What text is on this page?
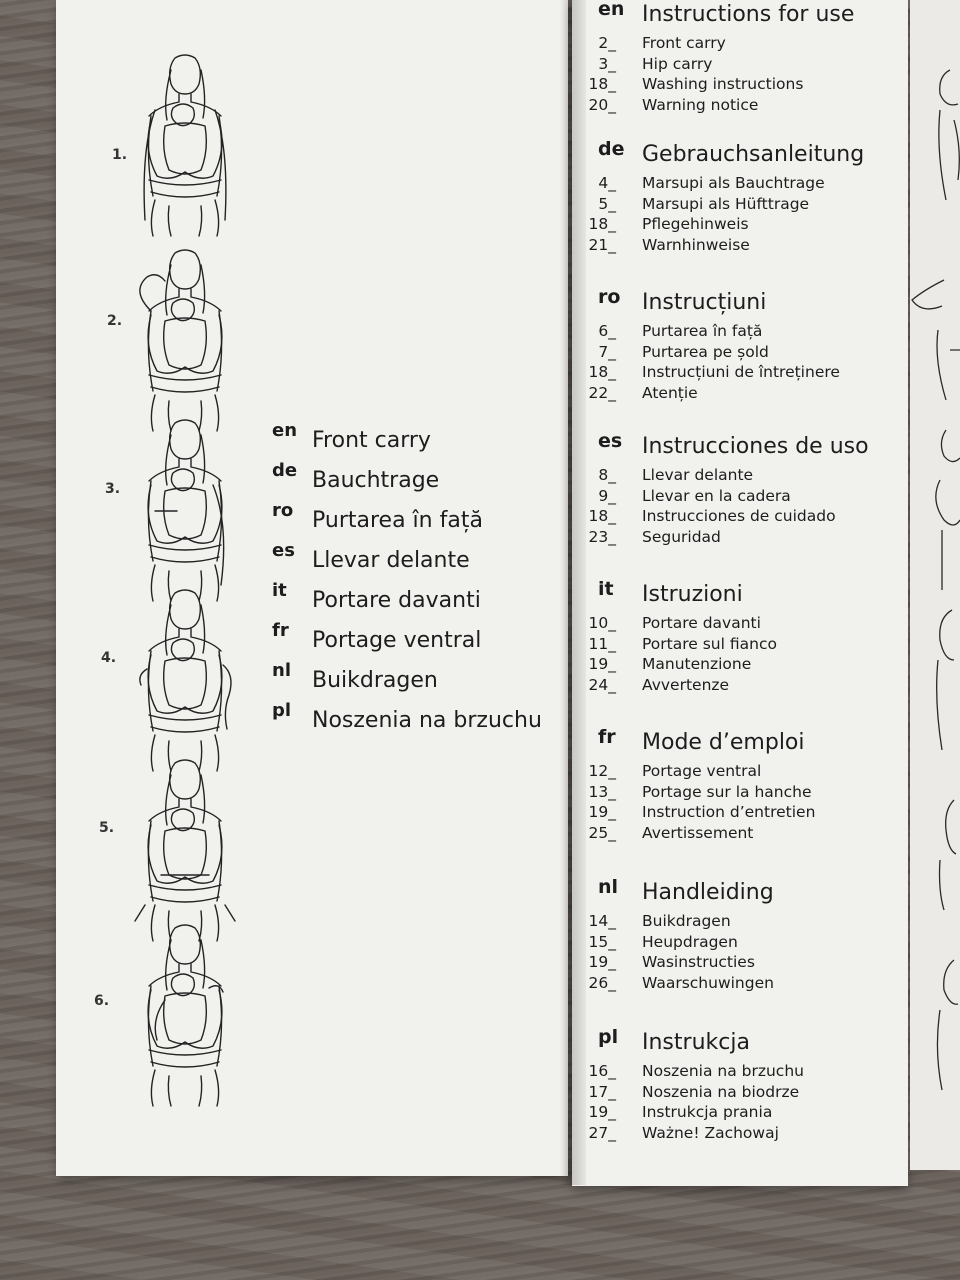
1.
2.
3.
4.
5.
6.
en Front carry
de Bauchtrage
ro Purtarea în față
es Llevar delante
it Portare davanti
fr Portage ventral
nl Buikdragen
pl Noszenia na brzuchu
en Instructions for use
2_ Front carry
3_ Hip carry
18_ Washing instructions
20_ Warning notice
de Gebrauchsanleitung
4_ Marsupi als Bauchtrage
5_ Marsupi als Hüfttrage
18_ Pflegehinweis
21_ Warnhinweise
ro Instrucțiuni
6_ Purtarea în față
7_ Purtarea pe șold
18_ Instrucțiuni de întreținere
22_ Atenție
es Instrucciones de uso
8_ Llevar delante
9_ Llevar en la cadera
18_ Instrucciones de cuidado
23_ Seguridad
it Istruzioni
10_ Portare davanti
11_ Portare sul fianco
19_ Manutenzione
24_ Avvertenze
fr Mode d’emploi
12_ Portage ventral
13_ Portage sur la hanche
19_ Instruction d’entretien
25_ Avertissement
nl Handleiding
14_ Buikdragen
15_ Heupdragen
19_ Wasinstructies
26_ Waarschuwingen
pl Instrukcja
16_ Noszenia na brzuchu
17_ Noszenia na biodrze
19_ Instrukcja prania
27_ Ważne! Zachowaj
